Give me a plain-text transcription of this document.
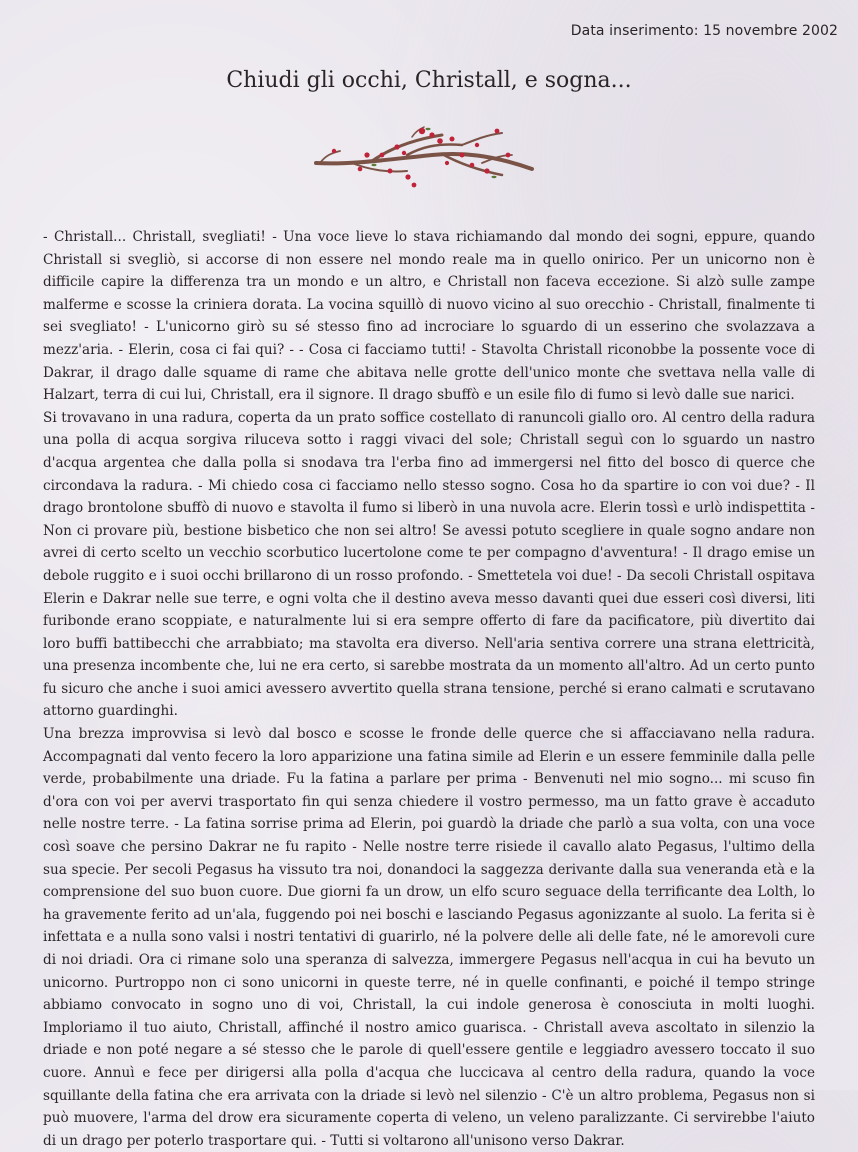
Data inserimento: 15 novembre 2002
Chiudi gli occhi, Christall, e sogna...

- Christall... Christall, svegliati! - Una voce lieve lo stava richiamando dal mondo dei sogni, eppure, quando Christall si svegliò, si accorse di non essere nel mondo reale ma in quello onirico. Per un unicorno non è difficile capire la differenza tra un mondo e un altro, e Christall non faceva eccezione. Si alzò sulle zampe malferme e scosse la criniera dorata. La vocina squillò di nuovo vicino al suo orecchio - Christall, finalmente ti sei svegliato! - L'unicorno girò su sé stesso fino ad incrociare lo sguardo di un esserino che svolazzava a mezz'aria. - Elerin, cosa ci fai qui? - - Cosa ci facciamo tutti! - Stavolta Christall riconobbe la possente voce di Dakrar, il drago dalle squame di rame che abitava nelle grotte dell'unico monte che svettava nella valle di Halzart, terra di cui lui, Christall, era il signore. Il drago sbuffò e un esile filo di fumo si levò dalle sue narici.

Si trovavano in una radura, coperta da un prato soffice costellato di ranuncoli giallo oro. Al centro della radura una polla di acqua sorgiva riluceva sotto i raggi vivaci del sole; Christall seguì con lo sguardo un nastro d'acqua argentea che dalla polla si snodava tra l'erba fino ad immergersi nel fitto del bosco di querce che circondava la radura. - Mi chiedo cosa ci facciamo nello stesso sogno. Cosa ho da spartire io con voi due? - Il drago brontolone sbuffò di nuovo e stavolta il fumo si liberò in una nuvola acre. Elerin tossì e urlò indispettita - Non ci provare più, bestione bisbetico che non sei altro! Se avessi potuto scegliere in quale sogno andare non avrei di certo scelto un vecchio scorbutico lucertolone come te per compagno d'avventura! - Il drago emise un debole ruggito e i suoi occhi brillarono di un rosso profondo. - Smettetela voi due! - Da secoli Christall ospitava Elerin e Dakrar nelle sue terre, e ogni volta che il destino aveva messo davanti quei due esseri così diversi, liti furibonde erano scoppiate, e naturalmente lui si era sempre offerto di fare da pacificatore, più divertito dai loro buffi battibecchi che arrabbiato; ma stavolta era diverso. Nell'aria sentiva correre una strana elettricità, una presenza incombente che, lui ne era certo, si sarebbe mostrata da un momento all'altro. Ad un certo punto fu sicuro che anche i suoi amici avessero avvertito quella strana tensione, perché si erano calmati e scrutavano attorno guardinghi.

Una brezza improvvisa si levò dal bosco e scosse le fronde delle querce che si affacciavano nella radura. Accompagnati dal vento fecero la loro apparizione una fatina simile ad Elerin e un essere femminile dalla pelle verde, probabilmente una driade. Fu la fatina a parlare per prima - Benvenuti nel mio sogno... mi scuso fin d'ora con voi per avervi trasportato fin qui senza chiedere il vostro permesso, ma un fatto grave è accaduto nelle nostre terre. - La fatina sorrise prima ad Elerin, poi guardò la driade che parlò a sua volta, con una voce così soave che persino Dakrar ne fu rapito - Nelle nostre terre risiede il cavallo alato Pegasus, l'ultimo della sua specie. Per secoli Pegasus ha vissuto tra noi, donandoci la saggezza derivante dalla sua veneranda età e la comprensione del suo buon cuore. Due giorni fa un drow, un elfo scuro seguace della terrificante dea Lolth, lo ha gravemente ferito ad un'ala, fuggendo poi nei boschi e lasciando Pegasus agonizzante al suolo. La ferita si è infettata e a nulla sono valsi i nostri tentativi di guarirlo, né la polvere delle ali delle fate, né le amorevoli cure di noi driadi. Ora ci rimane solo una speranza di salvezza, immergere Pegasus nell'acqua in cui ha bevuto un unicorno. Purtroppo non ci sono unicorni in queste terre, né in quelle confinanti, e poiché il tempo stringe abbiamo convocato in sogno uno di voi, Christall, la cui indole generosa è conosciuta in molti luoghi. Imploriamo il tuo aiuto, Christall, affinché il nostro amico guarisca. - Christall aveva ascoltato in silenzio la driade e non poté negare a sé stesso che le parole di quell'essere gentile e leggiadro avessero toccato il suo cuore. Annuì e fece per dirigersi alla polla d'acqua che luccicava al centro della radura, quando la voce squillante della fatina che era arrivata con la driade si levò nel silenzio - C'è un altro problema, Pegasus non si può muovere, l'arma del drow era sicuramente coperta di veleno, un veleno paralizzante. Ci servirebbe l'aiuto di un drago per poterlo trasportare qui. - Tutti si voltarono all'unisono verso Dakrar.
